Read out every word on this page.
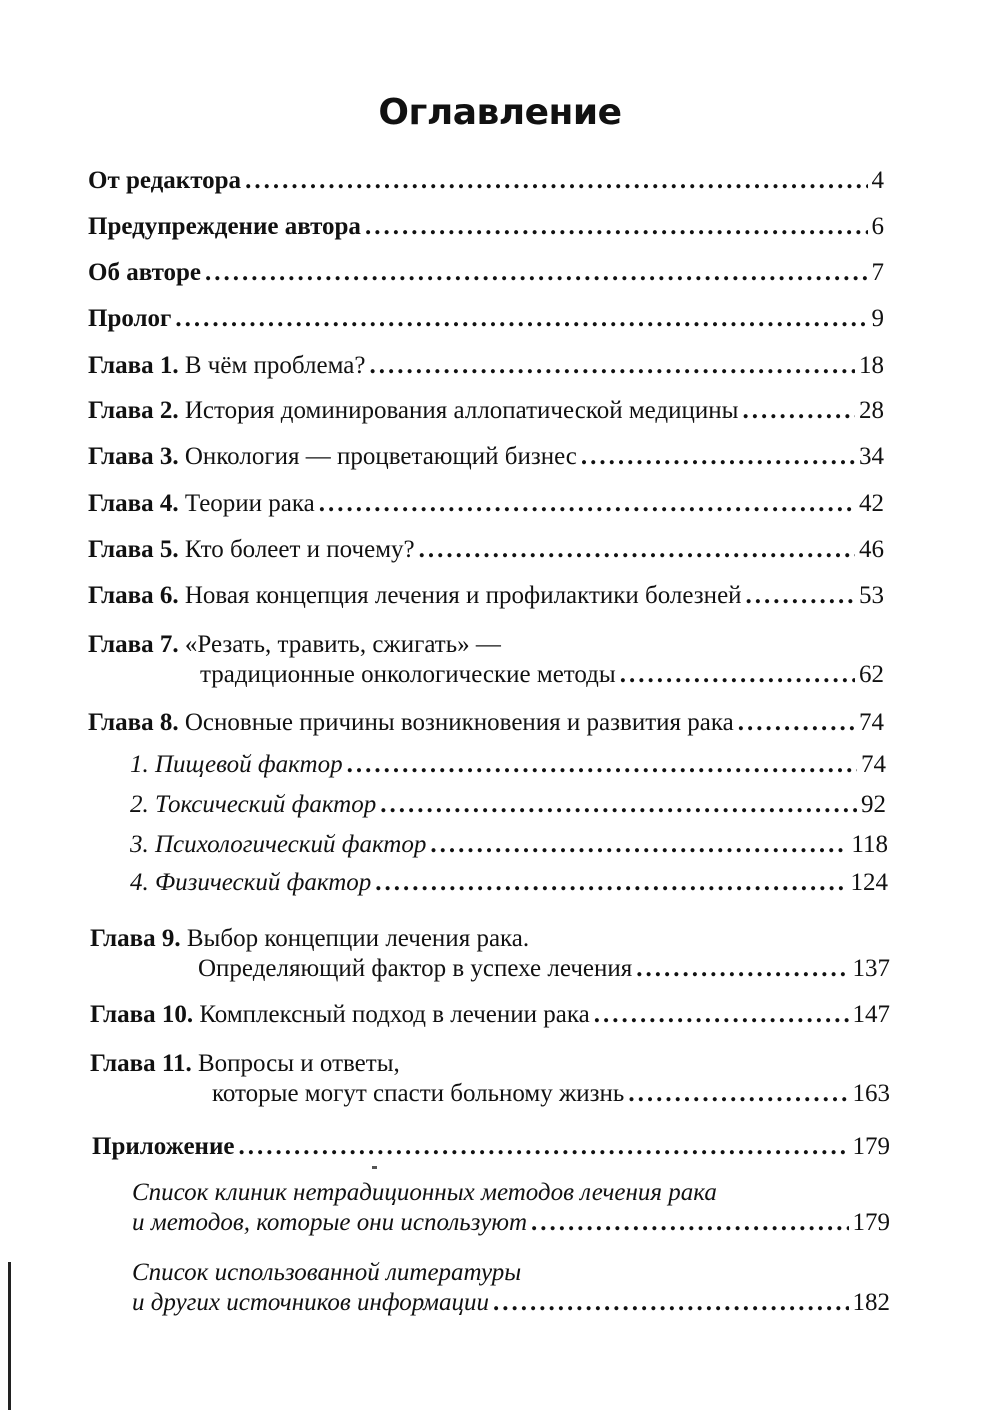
Оглавление
От редактора .....	4
Предупреждение автора .....	6
Об авторе .....	7
Пролог .....	9
Глава 1. В чём проблема? .....	18
Глава 2. История доминирования аллопатической медицины .....	28
Глава 3. Онкология — процветающий бизнес .....	34
Глава 4. Теории рака .....	42
Глава 5. Кто болеет и почему? .....	46
Глава 6. Новая концепция лечения и профилактики болезней .....	53
Глава 7. «Резать, травить, сжигать» —
традиционные онкологические методы .....	62
Глава 8. Основные причины возникновения и развития рака .....	74
1. Пищевой фактор .....	74
2. Токсический фактор .....	92
3. Психологический фактор .....	118
4. Физический фактор .....	124
Глава 9. Выбор концепции лечения рака.
Определяющий фактор в успехе лечения .....	137
Глава 10. Комплексный подход в лечении рака .....	147
Глава 11. Вопросы и ответы,
которые могут спасти больному жизнь .....	163
Приложение .....	179
Список клиник нетрадиционных методов лечения рака
и методов, которые они используют .....	179
Список использованной литературы
и других источников информации .....	182
